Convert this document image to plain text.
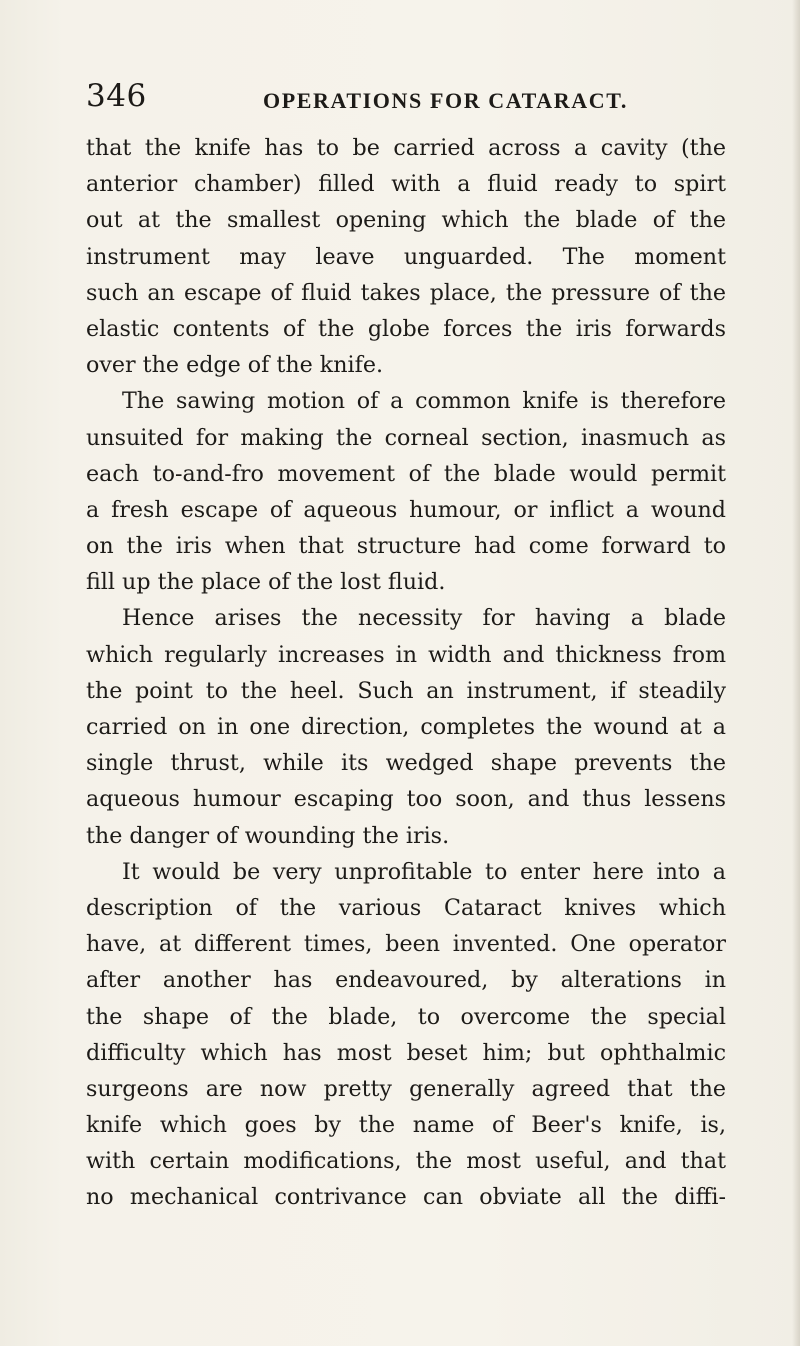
346	OPERATIONS FOR CATARACT.
that the knife has to be carried across a cavity (the
anterior chamber) filled with a fluid ready to spirt
out at the smallest opening which the blade of the
instrument may leave unguarded. The moment
such an escape of fluid takes place, the pressure of the
elastic contents of the globe forces the iris forwards
over the edge of the knife.
The sawing motion of a common knife is therefore
unsuited for making the corneal section, inasmuch as
each to-and-fro movement of the blade would permit
a fresh escape of aqueous humour, or inflict a wound
on the iris when that structure had come forward to
fill up the place of the lost fluid.
Hence arises the necessity for having a blade
which regularly increases in width and thickness from
the point to the heel. Such an instrument, if steadily
carried on in one direction, completes the wound at a
single thrust, while its wedged shape prevents the
aqueous humour escaping too soon, and thus lessens
the danger of wounding the iris.
It would be very unprofitable to enter here into a
description of the various Cataract knives which
have, at different times, been invented. One operator
after another has endeavoured, by alterations in
the shape of the blade, to overcome the special
difficulty which has most beset him; but ophthalmic
surgeons are now pretty generally agreed that the
knife which goes by the name of Beer's knife, is,
with certain modifications, the most useful, and that
no mechanical contrivance can obviate all the diffi-
